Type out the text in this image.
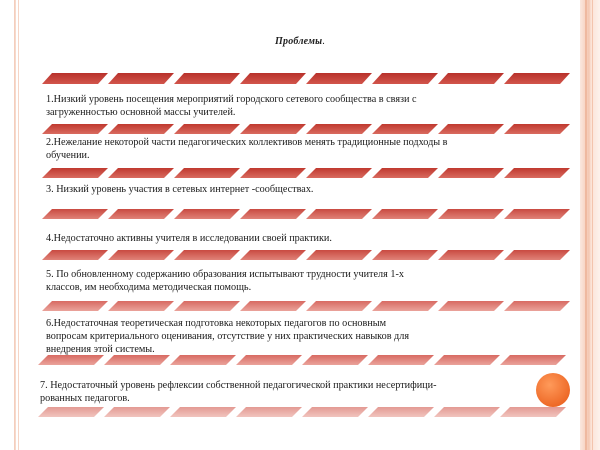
Проблемы.

1.Низкий уровень посещения мероприятий городского сетевого сообщества в связи с
загруженностью основной массы учителей.

2.Нежелание некоторой части педагогических коллективов менять традиционные подходы в
обучении.

3. Низкий уровень участия в сетевых интернет -сообществах.

4.Недостаточно активны учителя в исследовании своей практики.

5. По обновленному содержанию образования испытывают трудности учителя 1-х
классов, им необходима методическая помощь.

6.Недостаточная теоретическая подготовка некоторых педагогов по основным
вопросам критериального оценивания, отсутствие у них практических навыков для
внедрения этой системы.

7. Недостаточный уровень рефлексии собственной педагогической практики несертифици-
рованных педагогов.
